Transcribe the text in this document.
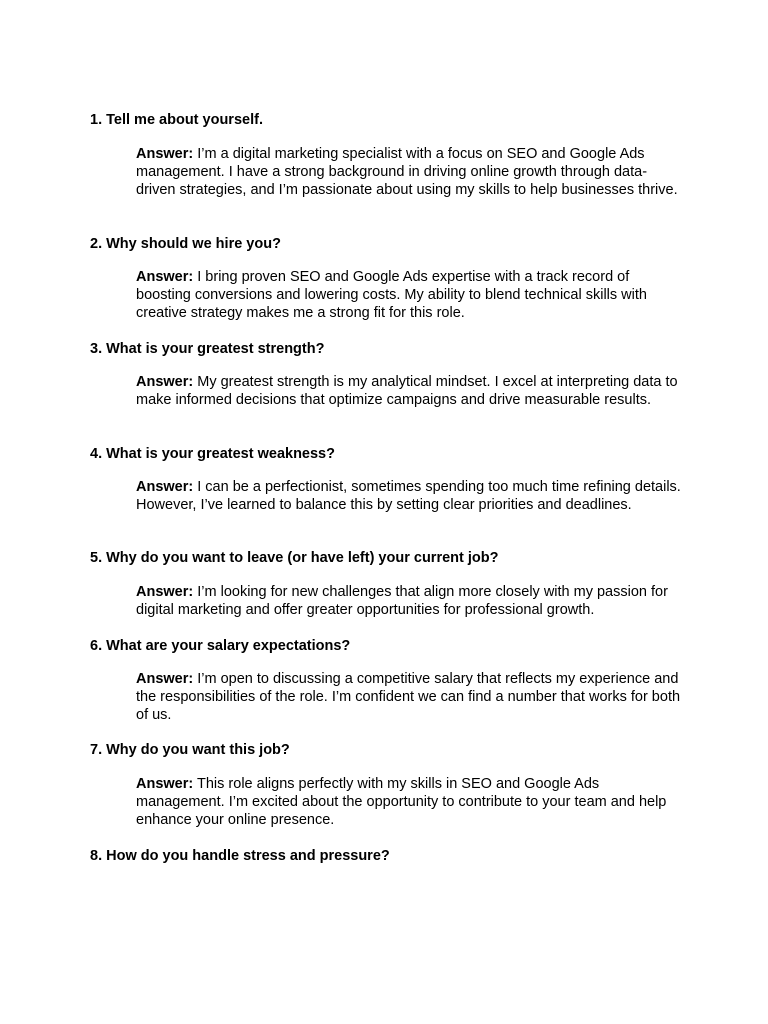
1. Tell me about yourself.
Answer: I’m a digital marketing specialist with a focus on SEO and Google Ads management. I have a strong background in driving online growth through data-driven strategies, and I’m passionate about using my skills to help businesses thrive.
2. Why should we hire you?
Answer: I bring proven SEO and Google Ads expertise with a track record of boosting conversions and lowering costs. My ability to blend technical skills with creative strategy makes me a strong fit for this role.
3. What is your greatest strength?
Answer: My greatest strength is my analytical mindset. I excel at interpreting data to make informed decisions that optimize campaigns and drive measurable results.
4. What is your greatest weakness?
Answer: I can be a perfectionist, sometimes spending too much time refining details. However, I’ve learned to balance this by setting clear priorities and deadlines.
5. Why do you want to leave (or have left) your current job?
Answer: I’m looking for new challenges that align more closely with my passion for digital marketing and offer greater opportunities for professional growth.
6. What are your salary expectations?
Answer: I’m open to discussing a competitive salary that reflects my experience and the responsibilities of the role. I’m confident we can find a number that works for both of us.
7. Why do you want this job?
Answer: This role aligns perfectly with my skills in SEO and Google Ads management. I’m excited about the opportunity to contribute to your team and help enhance your online presence.
8. How do you handle stress and pressure?
